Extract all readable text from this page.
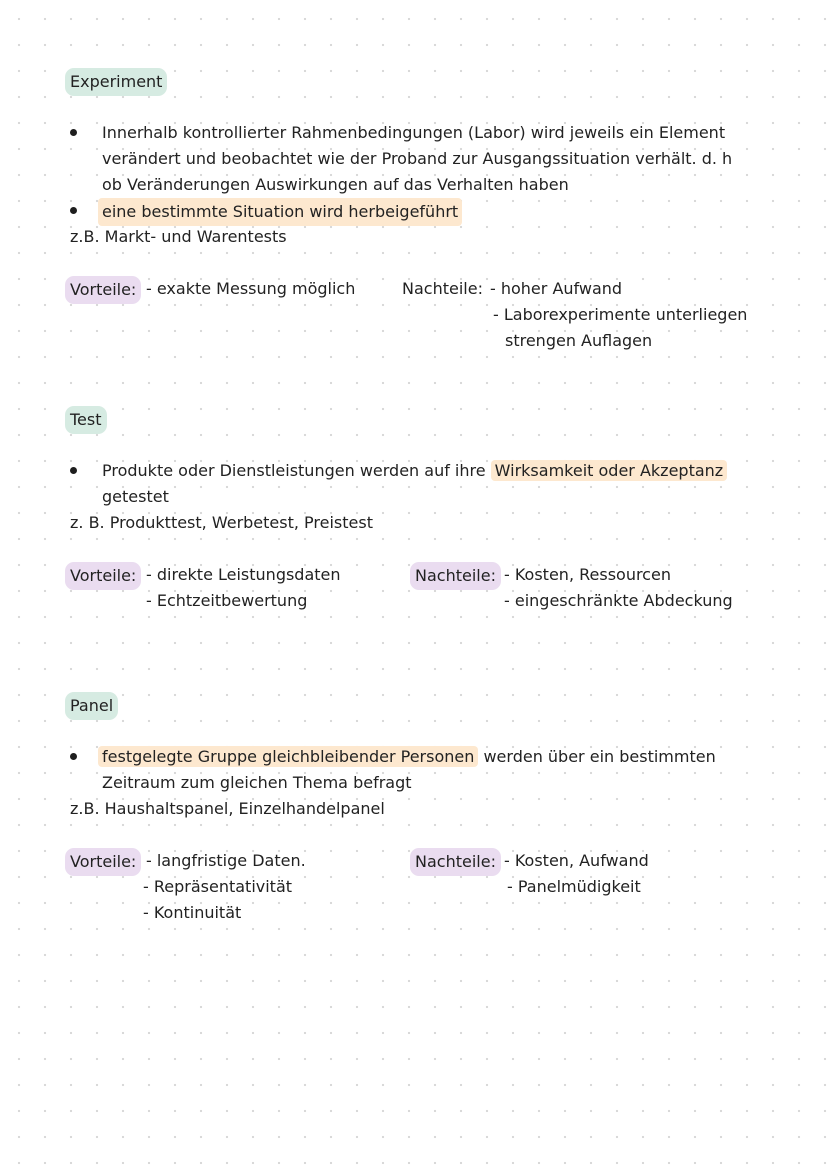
Experiment
Innerhalb kontrollierter Rahmenbedingungen (Labor) wird jeweils ein Element
verändert und beobachtet wie der Proband zur Ausgangssituation verhält. d. h
ob Veränderungen Auswirkungen auf das Verhalten haben
eine bestimmte Situation wird herbeigeführt
z.B. Markt- und Warentests
Vorteile: - exakte Messung möglich	Nachteile: - hoher Aufwand
- Laborexperimente unterliegen
strengen Auflagen
Test
Produkte oder Dienstleistungen werden auf ihre Wirksamkeit oder Akzeptanz
getestet
z. B. Produkttest, Werbetest, Preistest
Vorteile: - direkte Leistungsdaten
- Echtzeitbewertung
Nachteile: - Kosten, Ressourcen
- eingeschränkte Abdeckung
Panel
festgelegte Gruppe gleichbleibender Personen werden über ein bestimmten
Zeitraum zum gleichen Thema befragt
z.B. Haushaltspanel, Einzelhandelpanel
Vorteile: - langfristige Daten.
- Repräsentativität
- Kontinuität
Nachteile: - Kosten, Aufwand
- Panelmüdigkeit
